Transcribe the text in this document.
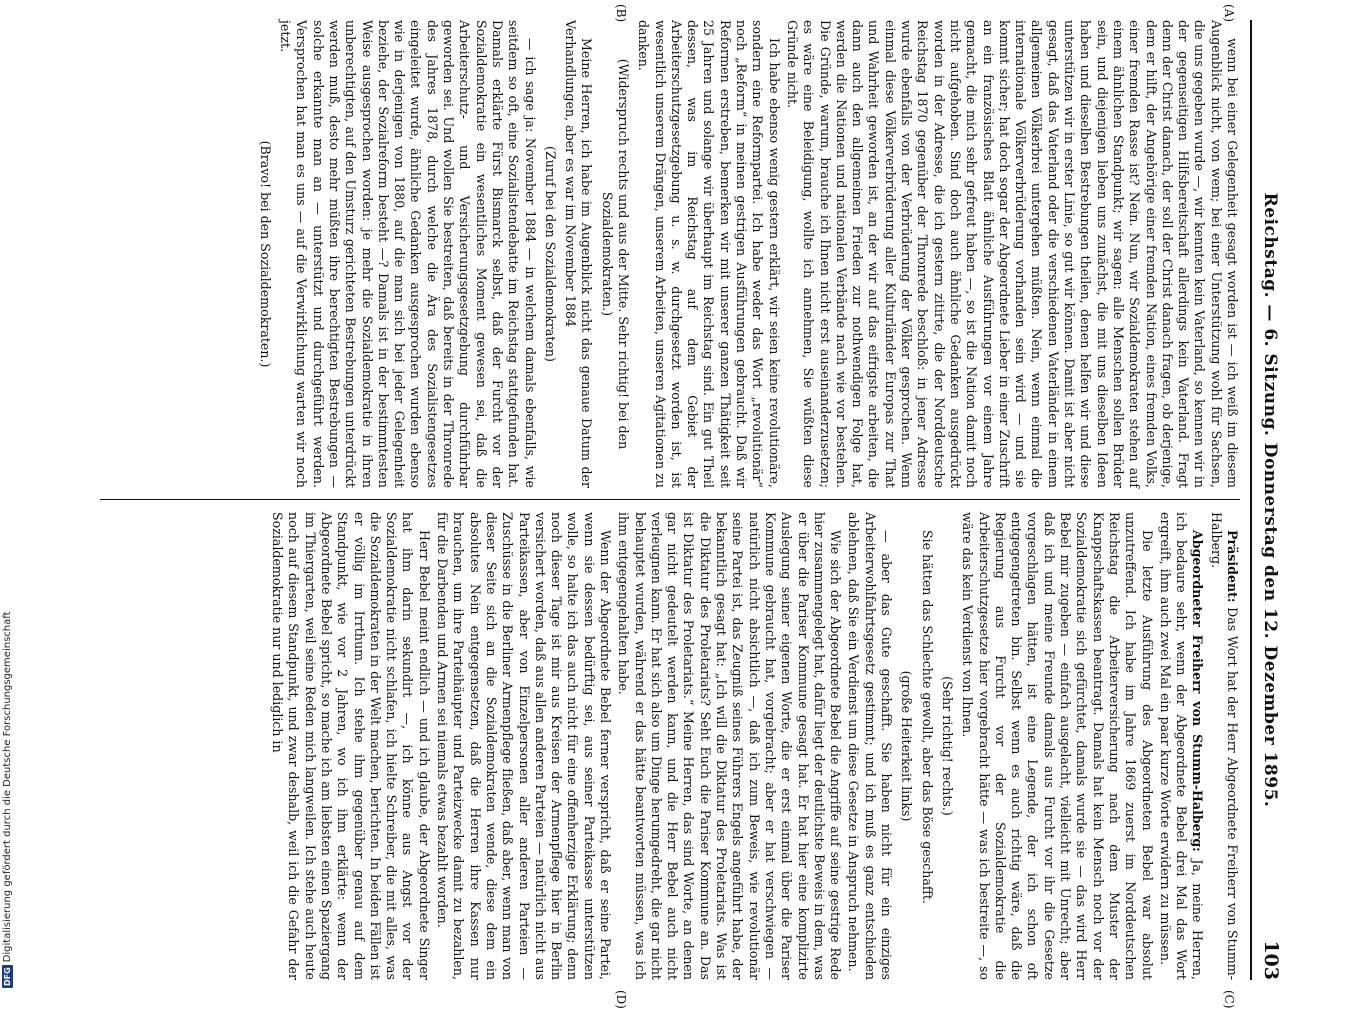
Reichstag. — 6. Sitzung. Donnerstag den 12. Dezember 1895.
103
(A)
(B)
(C)
(D)

wenn bei einer Gelegenheit gesagt worden ist — ich weiß im diesem Augenblick nicht, von wem; bei einer Unterstützung wohl für Sachsen, die uns gegeben wurde —, wir kennten kein Vaterland, so kennen wir in der gegenseitigen Hilfsbereitschaft allerdings kein Vaterland. Fragt denn der Christ danach, der soll der Christ danach fragen, ob derjenige, dem er hilft, der Angehörige einer fremden Nation, eines fremden Volks, einer fremden Rasse ist? Nein. Nun, wir Sozialdemokraten stehen auf einem ähnlichen Standpunkt; wir sagen: alle Menschen sollen Brüder sein, und diejenigen lieben uns zunächst, die mit uns dieselben Ideen haben und dieselben Bestrebungen theilen, denen helfen wir und diese unterstützen wir in erster Linie, so gut wir können. Damit ist aber nicht gesagt, daß das Vaterland oder die verschiedenen Vaterländer in einem allgemeinen Völkerbrei untergehen müßten. Nein, wenn einmal die internationale Völkerverbrüderung vorhanden sein wird — und sie kommt sicher; hat doch sogar der Abgeordnete Lieber in einer Zuschrift an ein französisches Blatt ähnliche Ausführungen vor einem Jahre gemacht, die mich sehr gefreut haben —, so ist die Nation damit noch nicht aufgehoben. Sind doch auch ähnliche Gedanken ausgedrückt worden in der Adresse, die ich gestern zitirte, die der Norddeutsche Reichstag 1870 gegenüber der Thronrede beschloß: in jener Adresse wurde ebenfalls von der Verbrüderung der Völker gesprochen. Wenn einmal diese Völkerverbrüderung aller Kulturländer Europas zur That und Wahrheit geworden ist, an der wir auf das eifrigste arbeiten, die dann auch den allgemeinen Frieden zur nothwendigen Folge hat, werden die Nationen und nationalen Verbände nach wie vor bestehen. Die Gründe, warum, brauche ich Ihnen nicht erst auseinanderzusetzen; es wäre eine Beleidigung, wollte ich annehmen, Sie wüßten diese Gründe nicht.

Ich habe ebenso wenig gestern erklärt, wir seien keine revolutionäre, sondern eine Reformpartei. Ich habe weder das Wort „revolutionär“ noch „Reform“ in meinen gestrigen Ausführungen gebraucht. Daß wir Reformen erstreben, bemerken wir mit unserer ganzen Thätigkeit seit 25 Jahren und solange wir überhaupt im Reichstag sind. Ein gut Theil dessen, was im Reichstag auf dem Gebiet der Arbeiterschutzgesetzgebung u. s. w. durchgesetzt worden ist, ist wesentlich unserem Drängen, unserem Arbeiten, unseren Agitationen zu danken.

(Widerspruch rechts und aus der Mitte. Sehr richtig! bei den Sozialdemokraten.)

Meine Herren, ich habe im Augenblick nicht das genaue Datum der Verhandlungen, aber es war im November 1884

(Zuruf bei den Sozialdemokraten)

— ich sage ja: November 1884 — in welchem damals ebenfalls, wie seitdem so oft, eine Sozialistendebatte im Reichstag stattgefunden hat. Damals erklärte Fürst Bismarck selbst, daß der Furcht vor der Sozialdemokratie ein wesentliches Moment gewesen sei, daß die Arbeiterschutz- und Versicherungsgesetzgebung durchführbar geworden sei. Und wollen Sie bestreiten, daß bereits in der Thronrede des Jahres 1878, durch welche die Ära des Sozialistengesetzes eingeleitet wurde, ähnliche Gedanken ausgesprochen wurden ebenso wie in derjenigen von 1880, auf die man sich bei jeder Gelegenheit beziehe, der Sozialreform besteht —? Damals ist in der bestimmtesten Weise ausgesprochen worden: je mehr die Sozialdemokratie in ihren unberechtigten, auf den Umsturz gerichteten Bestrebungen unterdrückt werden muß, desto mehr müßten ihre berechtigten Bestrebungen — solche erkannte man an — unterstützt und durchgeführt werden. Versprochen hat man es uns — auf die Verwirklichung warten wir noch jetzt.

(Bravo! bei den Sozialdemokraten.)

Präsident: Das Wort hat der Herr Abgeordnete Freiherr von Stumm-Halberg.

Abgeordneter Freiherr von Stumm-Halberg: Ja, meine Herren, ich bedaure sehr, wenn der Abgeordnete Bebel drei Mal das Wort ergreift, ihm auch zwei Mal ein paar kurze Worte erwidern zu müssen.

Die letzte Ausführung des Abgeordneten Bebel war absolut unzutreffend. Ich habe im Jahre 1869 zuerst im Norddeutschen Reichstag die Arbeiterversicherung nach dem Muster der Knappschaftskassen beantragt. Damals hat kein Mensch noch vor der Sozialdemokratie sich gefürchtet, damals wurde sie — das wird Herr Bebel mir zugeben — einfach ausgelacht, vielleicht mit Unrecht; aber daß ich und meine Freunde damals aus Furcht vor ihr die Gesetze vorgeschlagen hätten, ist eine Legende, der ich schon oft entgegengetreten bin. Selbst wenn es auch richtig wäre, daß die Regierung aus Furcht vor der Sozialdemokratie die Arbeiterschutzgesetze hier vorgebracht hätte — was ich bestreite —, so wäre das kein Verdienst von Ihnen.

(Sehr richtig! rechts.)

Sie hätten das Schlechte gewollt, aber das Böse geschafft.

(große Heiterkeit links)

— aber das Gute geschafft. Sie haben nicht für ein einziges Arbeiterwohlfahrtsgesetz gestimmt; und ich muß es ganz entschieden ablehnen, daß Sie ein Verdienst um diese Gesetze in Anspruch nehmen.

Wie sich der Abgeordnete Bebel die Angriffe auf seine gestrige Rede hier zusammengelegt hat, dafür liegt der deutlichste Beweis in dem, was er über die Pariser Kommune gesagt hat. Er hat hier eine komplizirte Auslegung seiner eigenen Worte, die er erst einmal über die Pariser Kommune gebraucht hat, vorgebracht; aber er hat verschwiegen — natürlich nicht absichtlich —, daß ich zum Beweis, wie revolutionär seine Partei ist, das Zeugniß seines Führers Engels angeführt habe, der bekanntlich gesagt hat: „Ich will die Diktatur des Proletariats. Was ist die Diktatur des Proletariats? Seht Euch die Pariser Kommune an. Das ist Diktatur des Proletariats.“ Meine Herren, das sind Worte, an denen gar nicht gedeutelt werden kann, und die Herr Bebel auch nicht verleugnen kann. Er hat sich also um Dinge herumgedreht, die gar nicht behauptet wurden, während er das hätte beantworten müssen, was ich ihm entgegengehalten habe.

Wenn der Abgeordnete Bebel ferner verspricht, daß er seine Partei, wenn sie dessen bedürftig sei, aus seiner Parteikasse unterstützen wolle, so halte ich das auch nicht für eine offenherzige Erklärung; denn noch dieser Tage ist mir aus Kreisen der Armenpflege hier in Berlin versichert worden, daß aus allen anderen Parteien — natürlich nicht aus Parteikassen, aber von Einzelpersonen aller anderen Parteien — Zuschüsse in die Berliner Armenpflege fließen, daß aber, wenn man von dieser Seite sich an die Sozialdemokraten wende, diese dem ein absolutes Nein entgegensetzen, daß die Herren ihre Kassen nur brauchen, um ihre Parteihäupter und Parteizwecke damit zu bezahlen, für die Darbenden und Armen sei niemals etwas bezahlt worden.

Herr Bebel meint endlich — und ich glaube, der Abgeordnete Singer hat ihm darin sekundirt —, ich könne aus Angst vor der Sozialdemokratie nicht schlafen, ich hielte Schreiber, die mit alles, was die Sozialdemokraten in der Welt machen, berichten. In beiden Fällen ist er völlig im Irrthum. Ich stehe ihm gegenüber genau auf dem Standpunkt, wie vor 2 Jahren, wo ich ihm erklärte: wenn der Abgeordnete Bebel spricht, so mache ich am liebsten einen Spaziergang im Thiergarten, weil seine Reden mich langweilen. Ich stehe auch heute noch auf diesem Standpunkt, und zwar deshalb, weil ich die Gefahr der Sozialdemokratie nur und lediglich in

DFGDigitalisierung gefördert durch die Deutsche Forschungsgemeinschaft
